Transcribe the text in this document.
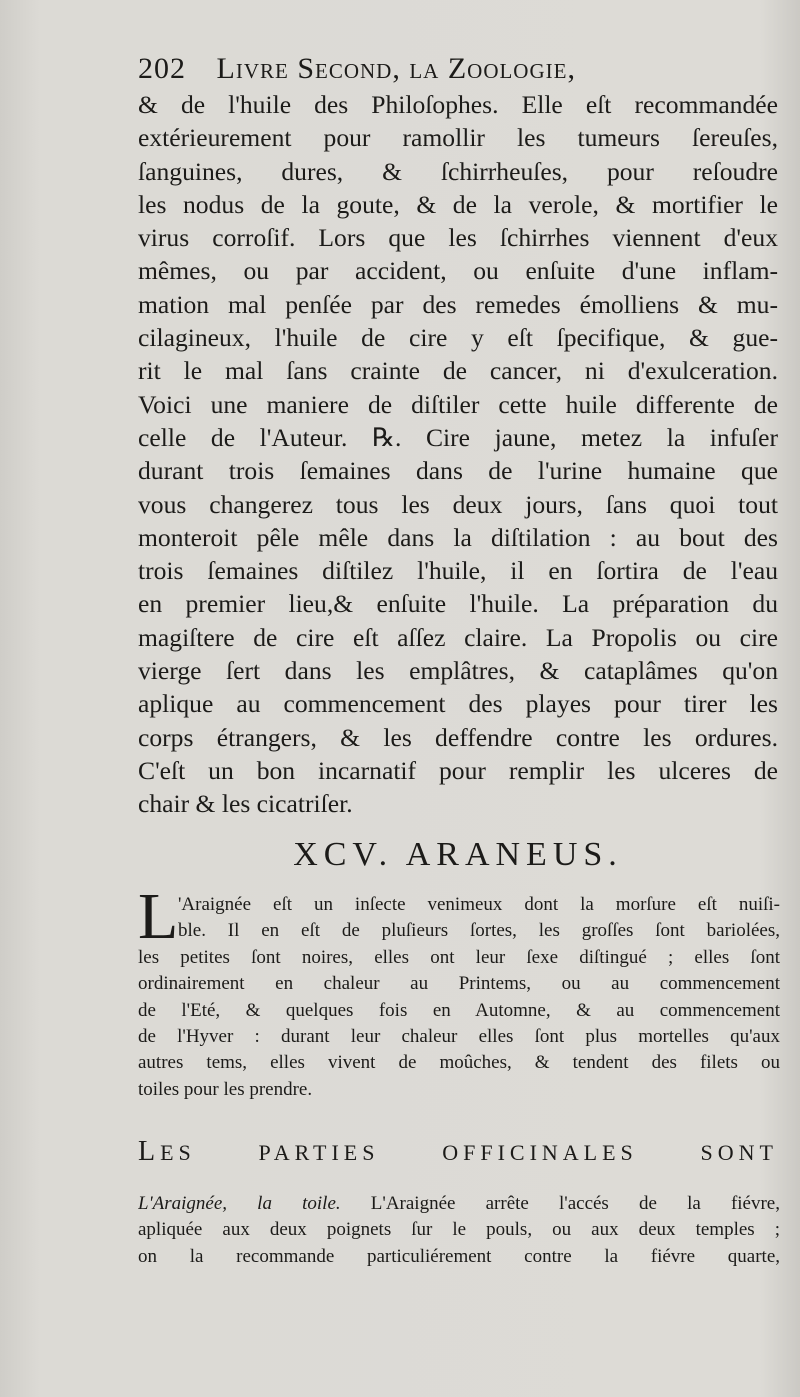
202 Livre Second, la Zoologie,
& de l'huile des Philoſophes. Elle eſt recommandée
extérieurement pour ramollir les tumeurs ſereuſes,
ſanguines, dures, & ſchirrheuſes, pour reſoudre
les nodus de la goute, & de la verole, & mortifier le
virus corroſif. Lors que les ſchirrhes viennent d'eux
mêmes, ou par accident, ou enſuite d'une inflam-
mation mal penſée par des remedes émolliens & mu-
cilagineux, l'huile de cire y eſt ſpecifique, & gue-
rit le mal ſans crainte de cancer, ni d'exulceration.
Voici une maniere de diſtiler cette huile differente de
celle de l'Auteur. ℞. Cire jaune, metez la infuſer
durant trois ſemaines dans de l'urine humaine que
vous changerez tous les deux jours, ſans quoi tout
monteroit pêle mêle dans la diſtilation : au bout des
trois ſemaines diſtilez l'huile, il en ſortira de l'eau
en premier lieu,& enſuite l'huile. La préparation du
magiſtere de cire eſt aſſez claire. La Propolis ou cire
vierge ſert dans les emplâtres, & cataplâmes qu'on
aplique au commencement des playes pour tirer les
corps étrangers, & les deffendre contre les ordures.
C'eſt un bon incarnatif pour remplir les ulceres de
chair & les cicatriſer.
XCV. ARANEUS.
L 'Araignée eſt un inſecte venimeux dont la morſure eſt nuiſi-
ble. Il en eſt de pluſieurs ſortes, les groſſes ſont bariolées,
les petites ſont noires, elles ont leur ſexe diſtingué ; elles ſont
ordinairement en chaleur au Printems, ou au commencement
de l'Eté, & quelques fois en Automne, & au commencement
de l'Hyver : durant leur chaleur elles ſont plus mortelles qu'aux
autres tems, elles vivent de moûches, & tendent des filets ou
toiles pour les prendre.
LES PARTIES OFFICINALES SONT
L'Araignée, la toile. L'Araignée arrête l'accés de la fiévre,
apliquée aux deux poignets ſur le pouls, ou aux deux temples ;
on la recommande particuliérement contre la fiévre quarte,
